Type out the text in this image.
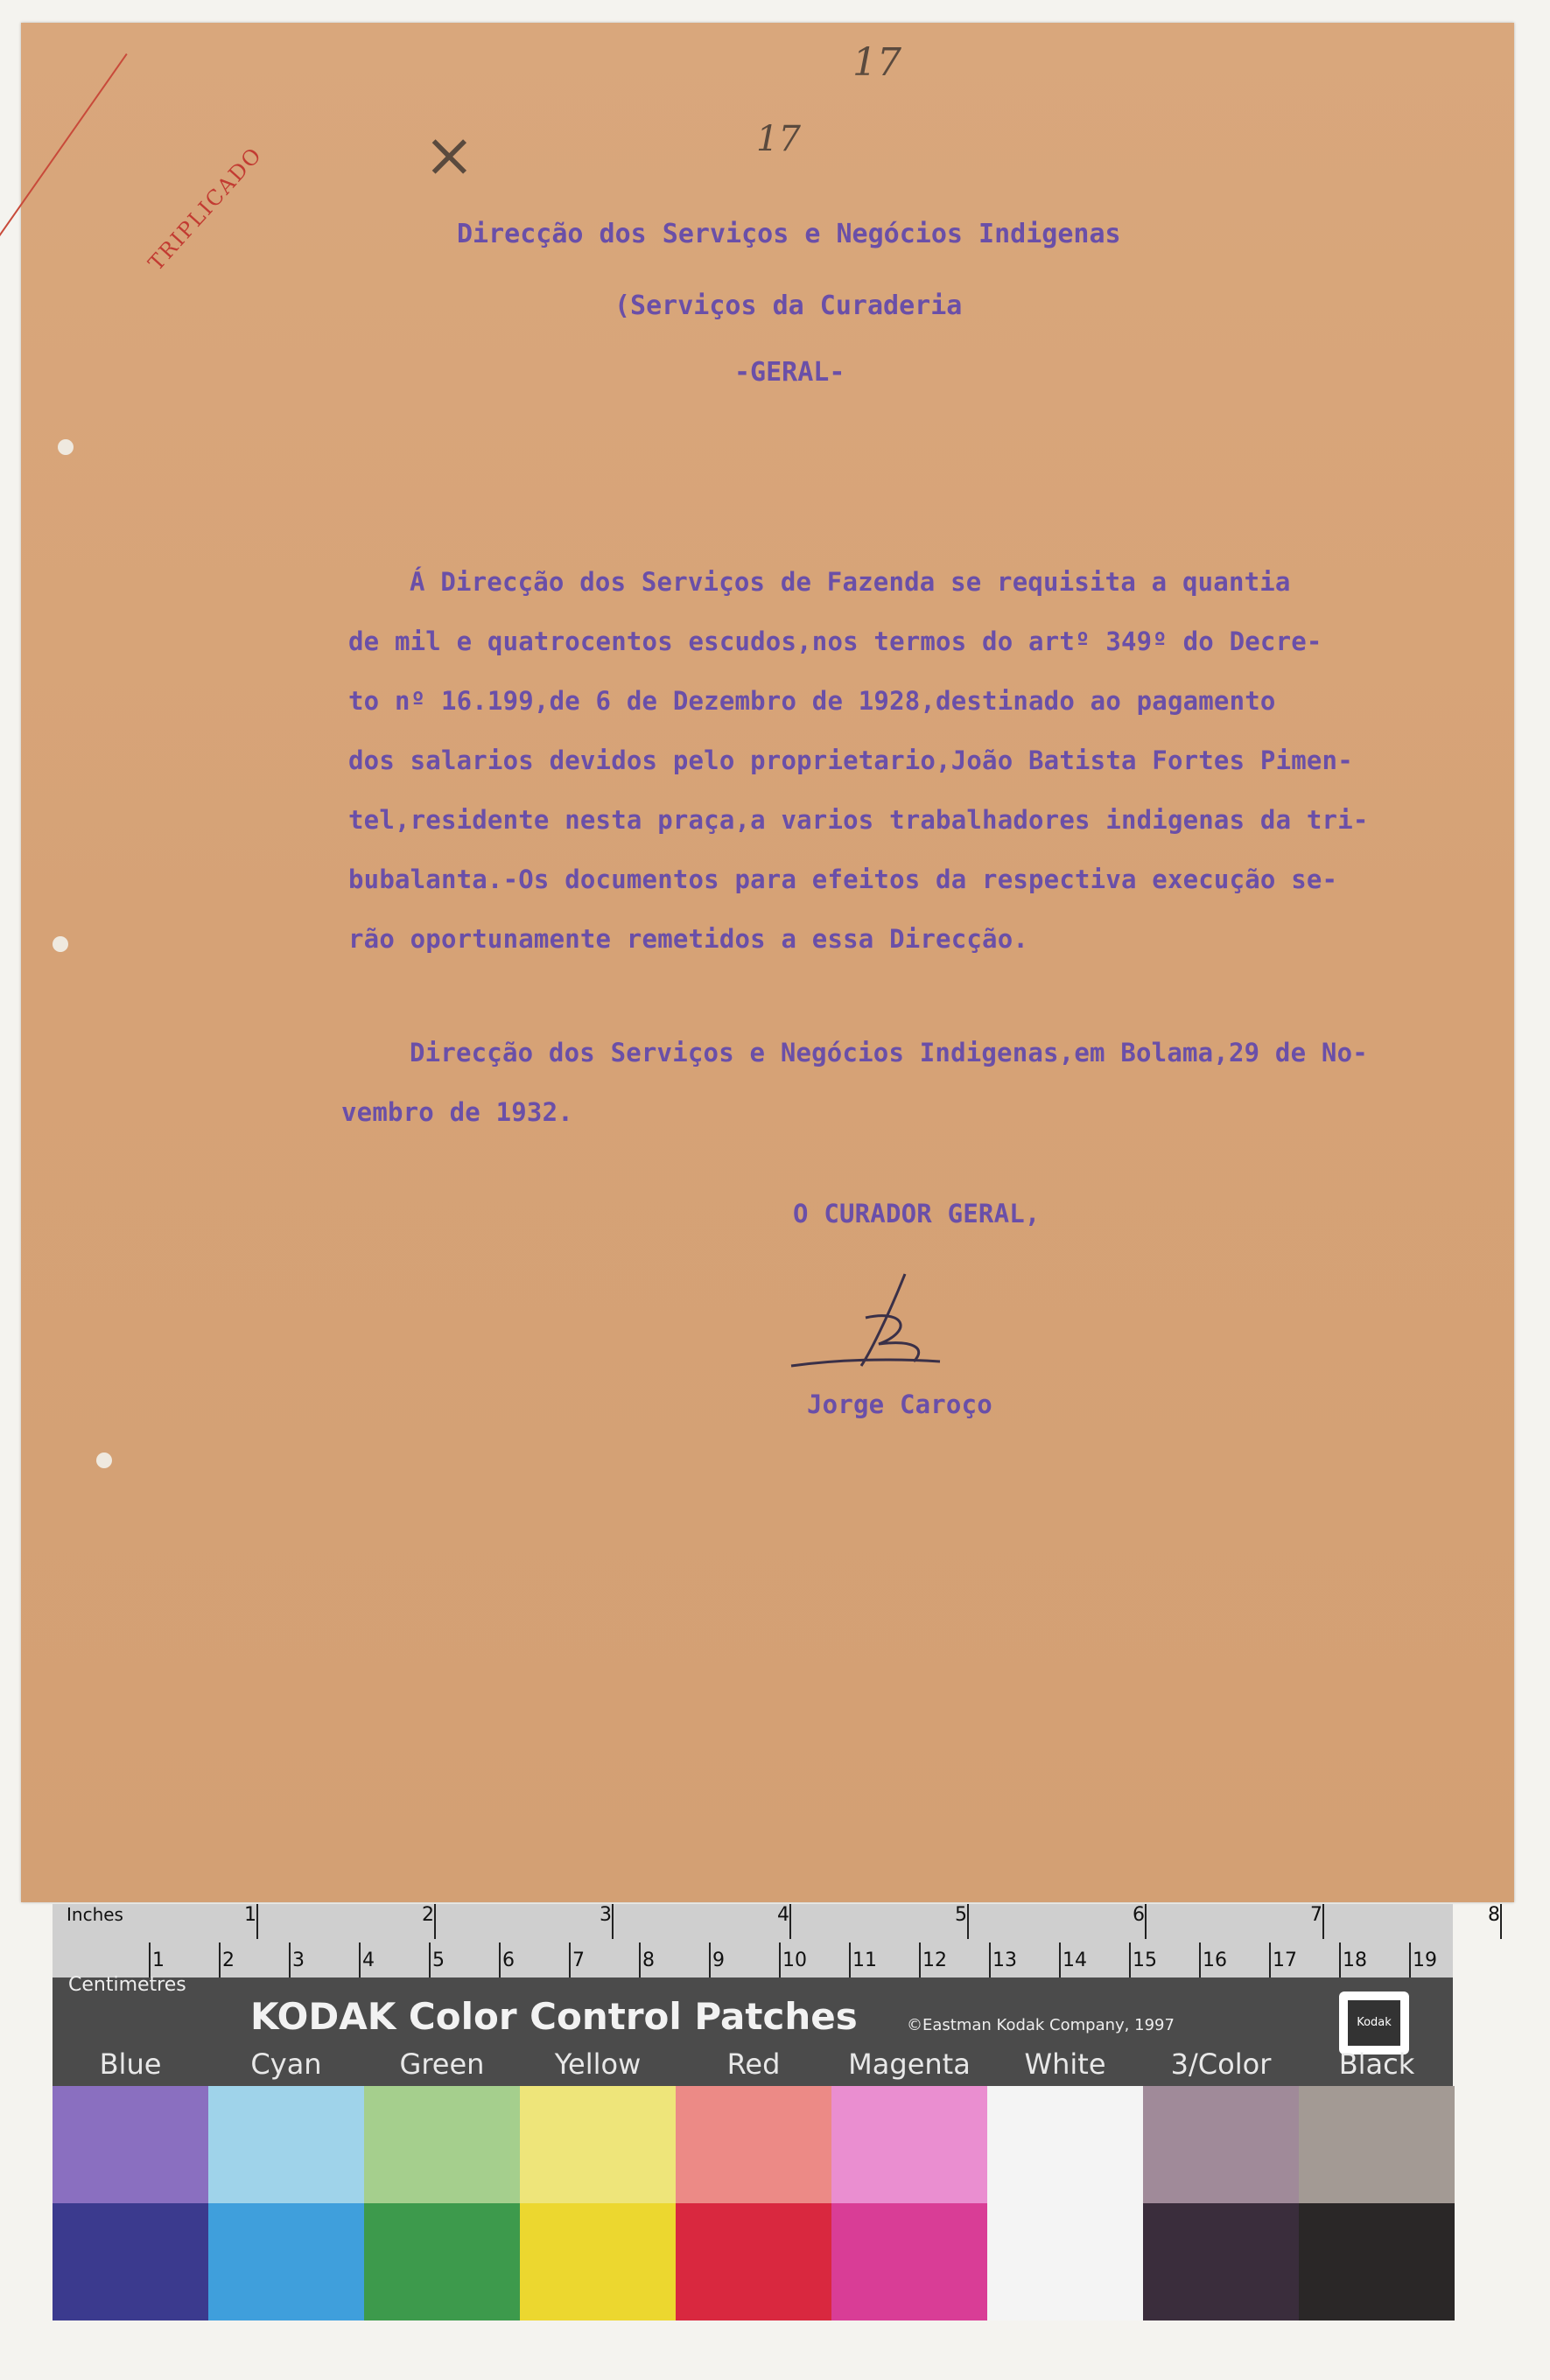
TRIPLICADO
17
×	17
Direcção dos Serviços e Negócios Indigenas
(Serviços da Curaderia
-GERAL-
Á Direcção dos Serviços de Fazenda se requisita a quantia
de mil e quatrocentos escudos,nos termos do artº 349º do Decre-
to nº 16.199,de 6 de Dezembro de 1928,destinado ao pagamento
dos salarios devidos pelo proprietario,João Batista Fortes Pimen-
tel,residente nesta praça,a varios trabalhadores indigenas da tri-
bubalanta.-Os documentos para efeitos da respectiva execução se-
rão oportunamente remetidos a essa Direcção.
Direcção dos Serviços e Negócios Indigenas,em Bolama,29 de No-
vembro de 1932.
O CURADOR GERAL,
Jorge Caroço
Inches	1	2	3	4	5	6	7	8
1	2	3	4	5	6	7	8	9	10 11 12 13 14 15 16 17 18 19
Centimetres
KODAK Color Control Patches	©Eastman Kodak Company, 1997	Kodak
Blue	Cyan	Green	Yellow	Red	Magenta	White	3/Color	Black
